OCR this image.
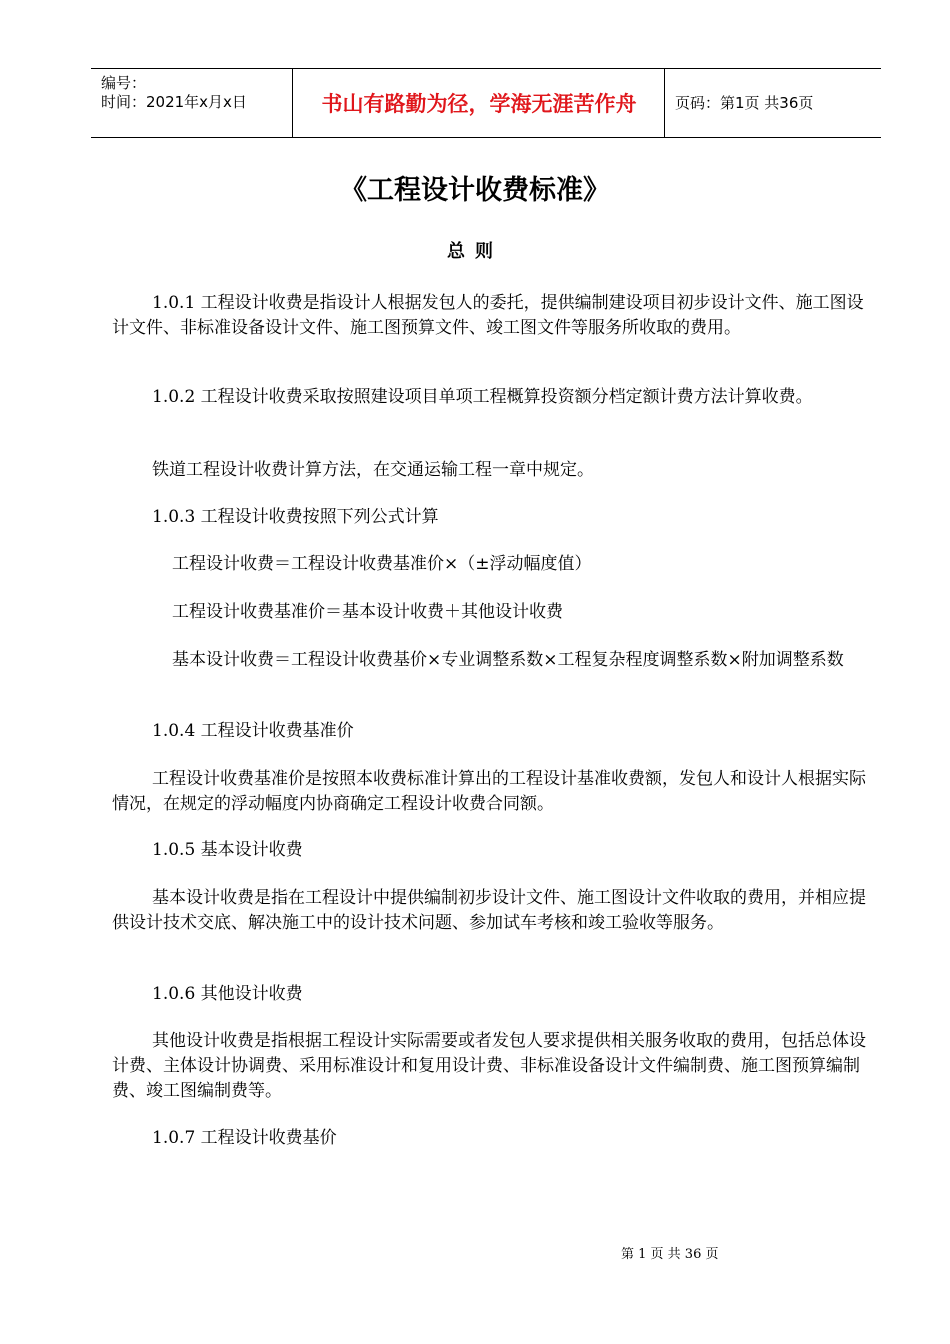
编号：
时间：2021年x月x日	书山有路勤为径，学海无涯苦作舟	页码：第1页 共36页
《工程设计收费标准》
总则

1.0.1 工程设计收费是指设计人根据发包人的委托，提供编制建设项目初步设计文件、施工图设计文件、非标准设备设计文件、施工图预算文件、竣工图文件等服务所收取的费用。

1.0.2 工程设计收费采取按照建设项目单项工程概算投资额分档定额计费方法计算收费。

铁道工程设计收费计算方法，在交通运输工程一章中规定。

1.0.3 工程设计收费按照下列公式计算

工程设计收费＝工程设计收费基准价×（±浮动幅度值）

工程设计收费基准价＝基本设计收费＋其他设计收费

基本设计收费＝工程设计收费基价×专业调整系数×工程复杂程度调整系数×附加调整系数

1.0.4 工程设计收费基准价

工程设计收费基准价是按照本收费标准计算出的工程设计基准收费额，发包人和设计人根据实际情况，在规定的浮动幅度内协商确定工程设计收费合同额。

1.0.5 基本设计收费

基本设计收费是指在工程设计中提供编制初步设计文件、施工图设计文件收取的费用，并相应提供设计技术交底、解决施工中的设计技术问题、参加试车考核和竣工验收等服务。

1.0.6 其他设计收费

其他设计收费是指根据工程设计实际需要或者发包人要求提供相关服务收取的费用，包括总体设计费、主体设计协调费、采用标准设计和复用设计费、非标准设备设计文件编制费、施工图预算编制费、竣工图编制费等。

1.0.7 工程设计收费基价

第 1 页 共 36 页
